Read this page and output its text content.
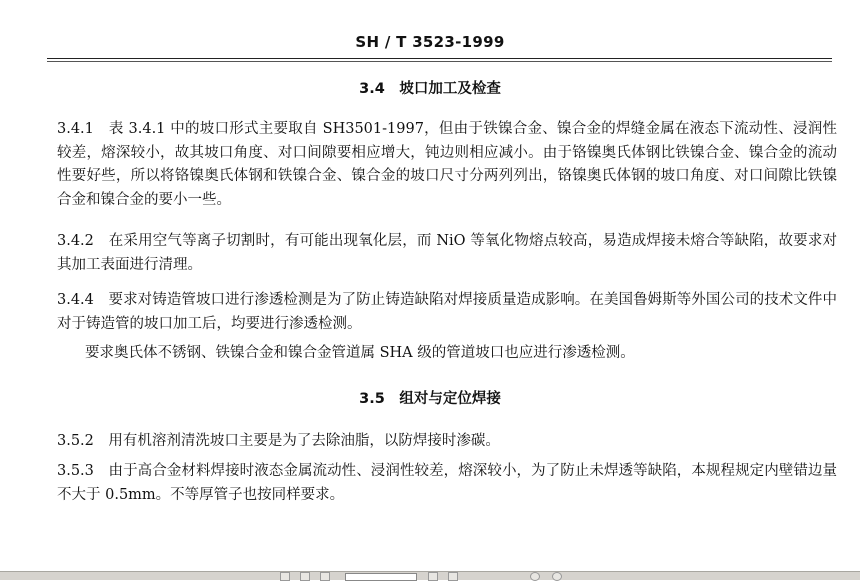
SH / T 3523-1999
3.4　坡口加工及检查

3.4.1　表 3.4.1 中的坡口形式主要取自 SH3501-1997，但由于铁镍合金、镍合金的焊缝金属在液态下流动性、浸润性较差，熔深较小，故其坡口角度、对口间隙要相应增大，钝边则相应减小。由于铬镍奥氏体钢比铁镍合金、镍合金的流动性要好些，所以将铬镍奥氏体钢和铁镍合金、镍合金的坡口尺寸分两列列出，铬镍奥氏体钢的坡口角度、对口间隙比铁镍合金和镍合金的要小一些。

3.4.2　在采用空气等离子切割时，有可能出现氧化层，而 NiO 等氧化物熔点较高，易造成焊接未熔合等缺陷，故要求对其加工表面进行清理。

3.4.4　要求对铸造管坡口进行渗透检测是为了防止铸造缺陷对焊接质量造成影响。在美国鲁姆斯等外国公司的技术文件中对于铸造管的坡口加工后，均要进行渗透检测。

要求奥氏体不锈钢、铁镍合金和镍合金管道属 SHA 级的管道坡口也应进行渗透检测。

3.5　组对与定位焊接

3.5.2　用有机溶剂清洗坡口主要是为了去除油脂，以防焊接时渗碳。

3.5.3　由于高合金材料焊接时液态金属流动性、浸润性较差，熔深较小，为了防止未焊透等缺陷，本规程规定内壁错边量不大于 0.5mm。不等厚管子也按同样要求。
